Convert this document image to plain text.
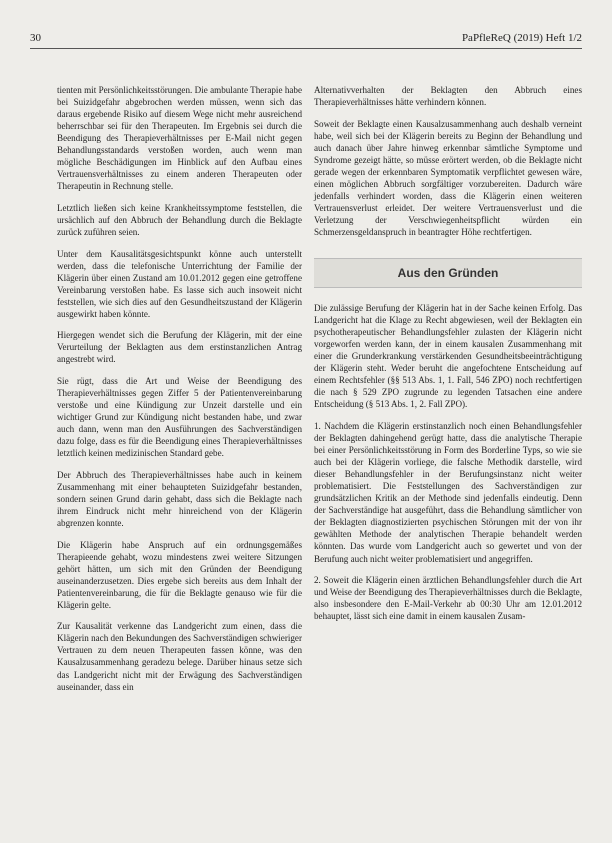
30	PaPfleReQ (2019) Heft 1/2

tienten mit Persönlichkeitsstörungen. Die ambulante Therapie habe bei Suizidgefahr abgebrochen werden müssen, wenn sich das daraus ergebende Risiko auf diesem Wege nicht mehr ausreichend beherrschbar sei für den Therapeuten. Im Ergebnis sei durch die Beendigung des Therapieverhältnisses per E-Mail nicht gegen Behandlungsstandards verstoßen worden, auch wenn man mögliche Beschädigungen im Hinblick auf den Aufbau eines Vertrauensverhältnisses zu einem anderen Therapeuten oder Therapeutin in Rechnung stelle.

Letztlich ließen sich keine Krankheitssymptome feststellen, die ursächlich auf den Abbruch der Behandlung durch die Beklagte zurück zuführen seien.

Unter dem Kausalitätsgesichtspunkt könne auch unterstellt werden, dass die telefonische Unterrichtung der Familie der Klägerin über einen Zustand am 10.01.2012 gegen eine getroffene Vereinbarung verstoßen habe. Es lasse sich auch insoweit nicht feststellen, wie sich dies auf den Gesundheitszustand der Klägerin ausgewirkt haben könnte.

Hiergegen wendet sich die Berufung der Klägerin, mit der eine Verurteilung der Beklagten aus dem erstinstanzlichen Antrag angestrebt wird.

Sie rügt, dass die Art und Weise der Beendigung des Therapieverhältnisses gegen Ziffer 5 der Patientenvereinbarung verstoße und eine Kündigung zur Unzeit darstelle und ein wichtiger Grund zur Kündigung nicht bestanden habe, und zwar auch dann, wenn man den Ausführungen des Sachverständigen dazu folge, dass es für die Beendigung eines Therapieverhältnisses letztlich keinen medizinischen Standard gebe.

Der Abbruch des Therapieverhältnisses habe auch in keinem Zusammenhang mit einer behaupteten Suizidgefahr bestanden, sondern seinen Grund darin gehabt, dass sich die Beklagte nach ihrem Eindruck nicht mehr hinreichend von der Klägerin abgrenzen konnte.

Die Klägerin habe Anspruch auf ein ordnungsgemäßes Therapieende gehabt, wozu mindestens zwei weitere Sitzungen gehört hätten, um sich mit den Gründen der Beendigung auseinanderzusetzen. Dies ergebe sich bereits aus dem Inhalt der Patientenvereinbarung, die für die Beklagte genauso wie für die Klägerin gelte.

Zur Kausalität verkenne das Landgericht zum einen, dass die Klägerin nach den Bekundungen des Sachverständigen schwieriger Vertrauen zu dem neuen Therapeuten fassen könne, was den Kausalzusammenhang geradezu belege. Darüber hinaus setze sich das Landgericht nicht mit der Erwägung des Sachverständigen auseinander, dass ein

Alternativverhalten der Beklagten den Abbruch eines Therapieverhältnisses hätte verhindern können.

Soweit der Beklagte einen Kausalzusammenhang auch deshalb verneint habe, weil sich bei der Klägerin bereits zu Beginn der Behandlung und auch danach über Jahre hinweg erkennbar sämtliche Symptome und Syndrome gezeigt hätte, so müsse erörtert werden, ob die Beklagte nicht gerade wegen der erkennbaren Symptomatik verpflichtet gewesen wäre, einen möglichen Abbruch sorgfältiger vorzubereiten. Dadurch wäre jedenfalls verhindert worden, dass die Klägerin einen weiteren Vertrauensverlust erleidet. Der weitere Vertrauensverlust und die Verletzung der Verschwiegenheitspflicht würden ein Schmerzensgeldanspruch in beantragter Höhe rechtfertigen.

Aus den Gründen

Die zulässige Berufung der Klägerin hat in der Sache keinen Erfolg. Das Landgericht hat die Klage zu Recht abgewiesen, weil der Beklagten ein psychotherapeutischer Behandlungsfehler zulasten der Klägerin nicht vorgeworfen werden kann, der in einem kausalen Zusammenhang mit einer die Grunderkrankung verstärkenden Gesundheitsbeeinträchtigung der Klägerin steht. Weder beruht die angefochtene Entscheidung auf einem Rechtsfehler (§§ 513 Abs. 1, 1. Fall, 546 ZPO) noch rechtfertigen die nach § 529 ZPO zugrunde zu legenden Tatsachen eine andere Entscheidung (§ 513 Abs. 1, 2. Fall ZPO).

1. Nachdem die Klägerin erstinstanzlich noch einen Behandlungsfehler der Beklagten dahingehend gerügt hatte, dass die analytische Therapie bei einer Persönlichkeitsstörung in Form des Borderline Typs, so wie sie auch bei der Klägerin vorliege, die falsche Methodik darstelle, wird dieser Behandlungsfehler in der Berufungsinstanz nicht weiter problematisiert. Die Feststellungen des Sachverständigen zur grundsätzlichen Kritik an der Methode sind jedenfalls eindeutig. Denn der Sachverständige hat ausgeführt, dass die Behandlung sämtlicher von der Beklagten diagnostizierten psychischen Störungen mit der von ihr gewählten Methode der analytischen Therapie behandelt werden könnten. Das wurde vom Landgericht auch so gewertet und von der Berufung auch nicht weiter problematisiert und angegriffen.

2. Soweit die Klägerin einen ärztlichen Behandlungsfehler durch die Art und Weise der Beendigung des Therapieverhältnisses durch die Beklagte, also insbesondere den E-Mail-Verkehr ab 00:30 Uhr am 12.01.2012 behauptet, lässt sich eine damit in einem kausalen Zusam-
